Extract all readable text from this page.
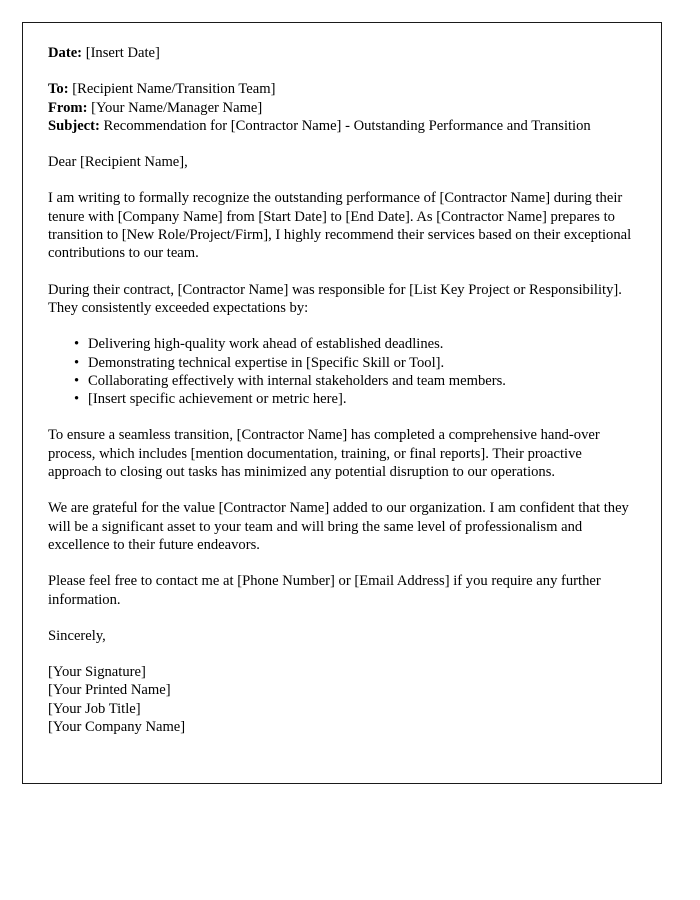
Date: [Insert Date]

To: [Recipient Name/Transition Team]

From: [Your Name/Manager Name]

Subject: Recommendation for [Contractor Name] - Outstanding Performance and Transition

Dear [Recipient Name],

I am writing to formally recognize the outstanding performance of [Contractor Name] during their tenure with [Company Name] from [Start Date] to [End Date]. As [Contractor Name] prepares to transition to [New Role/Project/Firm], I highly recommend their services based on their exceptional contributions to our team.

During their contract, [Contractor Name] was responsible for [List Key Project or Responsibility]. They consistently exceeded expectations by:

• Delivering high-quality work ahead of established deadlines.
• Demonstrating technical expertise in [Specific Skill or Tool].
• Collaborating effectively with internal stakeholders and team members.
• [Insert specific achievement or metric here].

To ensure a seamless transition, [Contractor Name] has completed a comprehensive hand-over process, which includes [mention documentation, training, or final reports]. Their proactive approach to closing out tasks has minimized any potential disruption to our operations.

We are grateful for the value [Contractor Name] added to our organization. I am confident that they will be a significant asset to your team and will bring the same level of professionalism and excellence to their future endeavors.

Please feel free to contact me at [Phone Number] or [Email Address] if you require any further information.

Sincerely,

[Your Signature]

[Your Printed Name]

[Your Job Title]

[Your Company Name]
